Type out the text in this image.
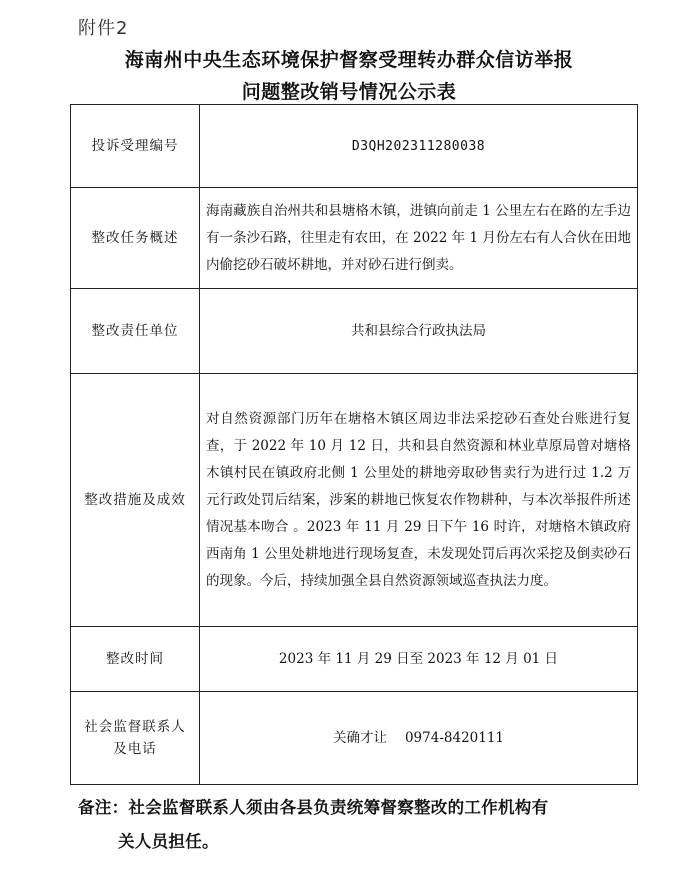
附件2
海南州中央生态环境保护督察受理转办群众信访举报
问题整改销号情况公示表
投诉受理编号	D3QH202311280038
整改任务概述	海南藏族自治州共和县塘格木镇，进镇向前走 1 公里左右在路的左手边有一条沙石路，往里走有农田，在 2022 年 1 月份左右有人合伙在田地内偷挖砂石破坏耕地，并对砂石进行倒卖。
整改责任单位	共和县综合行政执法局
整改措施及成效	对自然资源部门历年在塘格木镇区周边非法采挖砂石查处台账进行复查，于 2022 年 10 月 12 日，共和县自然资源和林业草原局曾对塘格木镇村民在镇政府北侧 1 公里处的耕地旁取砂售卖行为进行过 1.2 万元行政处罚后结案，涉案的耕地已恢复农作物耕种，与本次举报件所述情况基本吻合 。2023 年 11 月 29 日下午 16 时许，对塘格木镇政府西南角 1 公里处耕地进行现场复查，未发现处罚后再次采挖及倒卖砂石的现象。今后，持续加强全县自然资源领域巡查执法力度。
整改时间	2023 年 11 月 29 日至 2023 年 12 月 01 日

社会监督联系人
及电话	关确才让 0974-8420111
备注：社会监督联系人须由各县负责统筹督察整改的工作机构有
关人员担任。
